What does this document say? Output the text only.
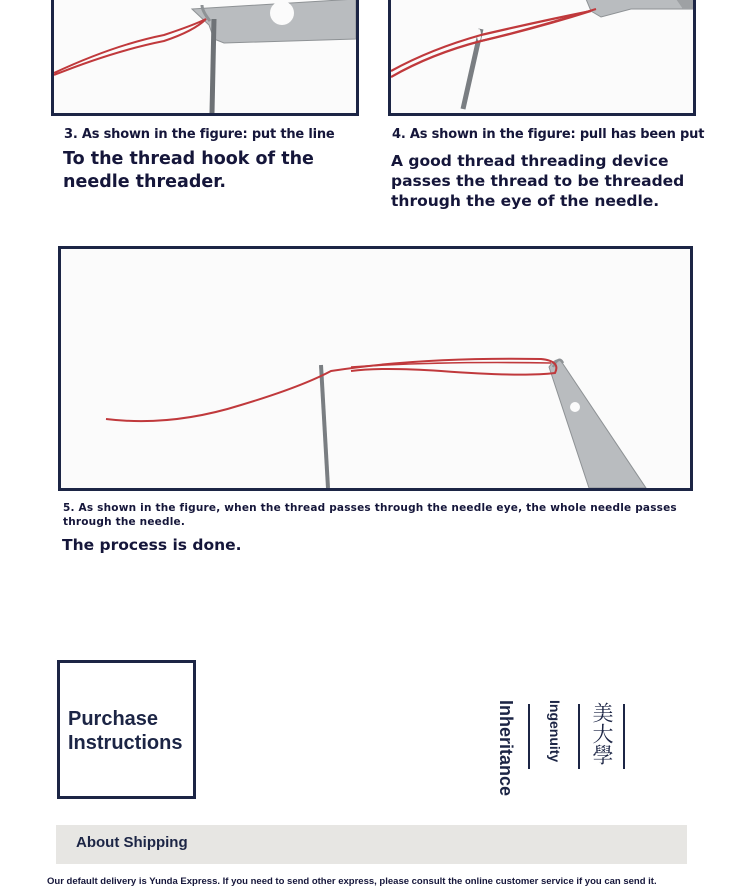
3. As shown in the figure: put the line
To the thread hook of the needle threader.
4. As shown in the figure: pull has been put
A good thread threading device passes the thread to be threaded through the eye of the needle.
5. As shown in the figure, when the thread passes through the needle eye, the whole needle passes through the needle.
The process is done.
Purchase
Instructions	Inheritance Ingenuity 美大學
About Shipping
Our default delivery is Yunda Express. If you need to send other express, please consult the online customer service if you can send it.
